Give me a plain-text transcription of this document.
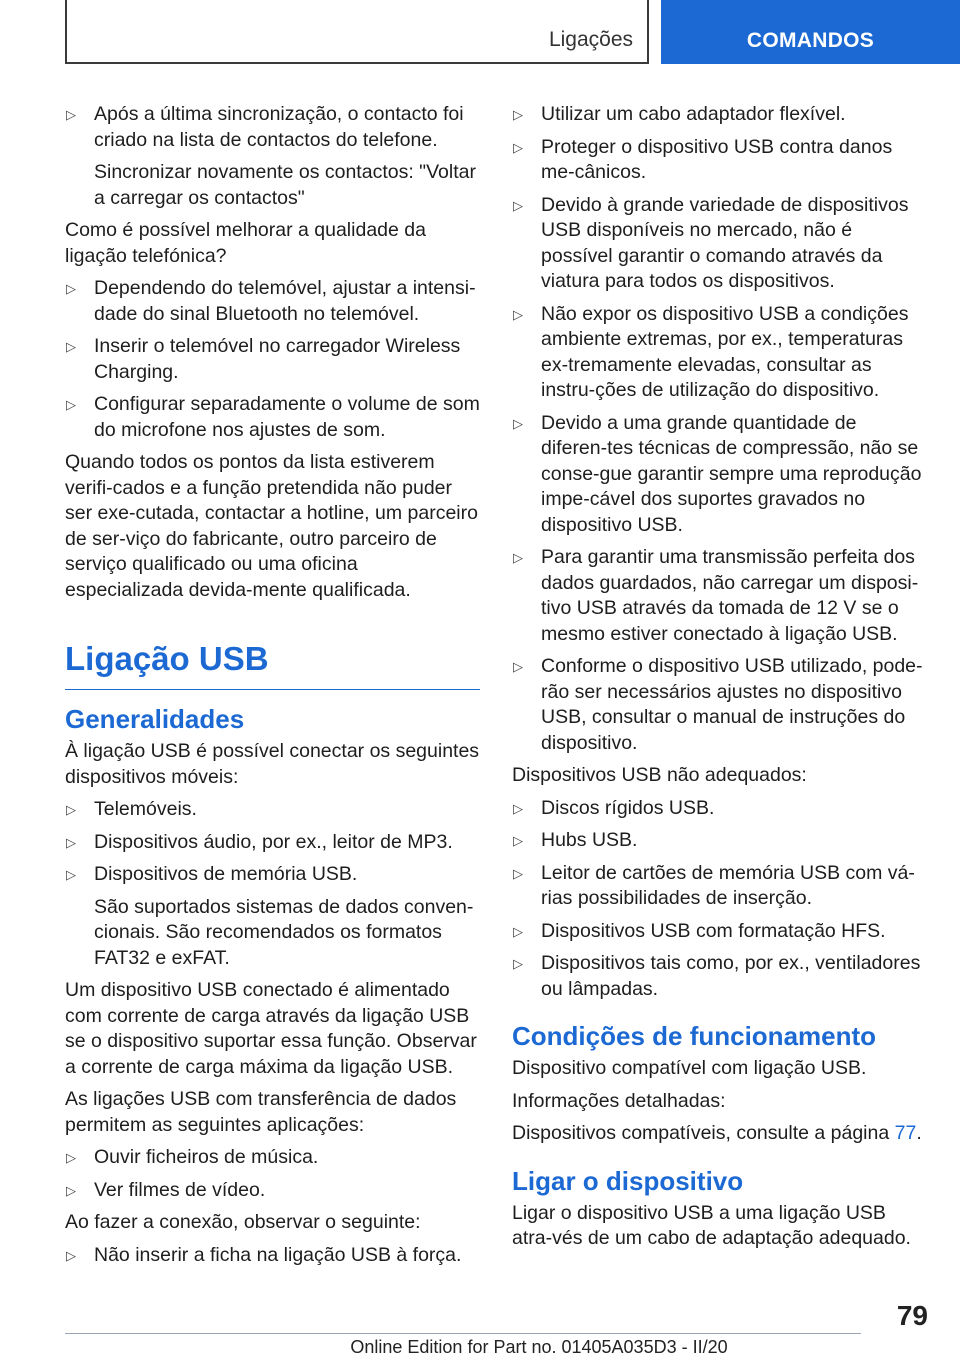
Ligações	COMANDOS
▷ Após a última sincronização, o contacto foi criado na lista de contactos do telefone.
Sincronizar novamente os contactos: "Voltar a carregar os contactos"
Como é possível melhorar a qualidade da ligação telefónica?
▷ Dependendo do telemóvel, ajustar a intensi-dade do sinal Bluetooth no telemóvel.
▷ Inserir o telemóvel no carregador Wireless Charging.
▷ Configurar separadamente o volume de som do microfone nos ajustes de som.
Quando todos os pontos da lista estiverem verifi-cados e a função pretendida não puder ser exe-cutada, contactar a hotline, um parceiro de ser-viço do fabricante, outro parceiro de serviço qualificado ou uma oficina especializada devida-mente qualificada.
Ligação USB
Generalidades
À ligação USB é possível conectar os seguintes dispositivos móveis:
▷ Telemóveis.
▷ Dispositivos áudio, por ex., leitor de MP3.
▷ Dispositivos de memória USB.
São suportados sistemas de dados conven-cionais. São recomendados os formatos FAT32 e exFAT.
Um dispositivo USB conectado é alimentado com corrente de carga através da ligação USB se o dispositivo suportar essa função. Observar a corrente de carga máxima da ligação USB.
As ligações USB com transferência de dados permitem as seguintes aplicações:
▷ Ouvir ficheiros de música.
▷ Ver filmes de vídeo.
Ao fazer a conexão, observar o seguinte:
▷ Não inserir a ficha na ligação USB à força.
▷ Utilizar um cabo adaptador flexível.
▷ Proteger o dispositivo USB contra danos me-cânicos.
▷ Devido à grande variedade de dispositivos USB disponíveis no mercado, não é possível garantir o comando através da viatura para todos os dispositivos.
▷ Não expor os dispositivo USB a condições ambiente extremas, por ex., temperaturas ex-tremamente elevadas, consultar as instru-ções de utilização do dispositivo.
▷ Devido a uma grande quantidade de diferen-tes técnicas de compressão, não se conse-gue garantir sempre uma reprodução impe-cável dos suportes gravados no dispositivo USB.
▷ Para garantir uma transmissão perfeita dos dados guardados, não carregar um disposi-tivo USB através da tomada de 12 V se o mesmo estiver conectado à ligação USB.
▷ Conforme o dispositivo USB utilizado, pode-rão ser necessários ajustes no dispositivo USB, consultar o manual de instruções do dispositivo.
Dispositivos USB não adequados:
▷ Discos rígidos USB.
▷ Hubs USB.
▷ Leitor de cartões de memória USB com vá-rias possibilidades de inserção.
▷ Dispositivos USB com formatação HFS.
▷ Dispositivos tais como, por ex., ventiladores ou lâmpadas.
Condições de funcionamento
Dispositivo compatível com ligação USB.
Informações detalhadas:
Dispositivos compatíveis, consulte a página 77.
Ligar o dispositivo
Ligar o dispositivo USB a uma ligação USB atra-vés de um cabo de adaptação adequado.
79
Online Edition for Part no. 01405A035D3 - II/20
